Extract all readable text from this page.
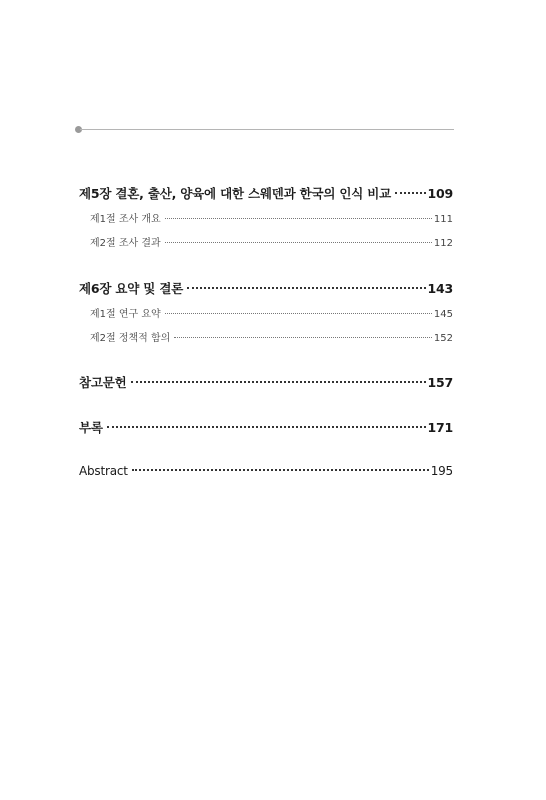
제5장 결혼, 출산, 양육에 대한 스웨덴과 한국의 인식 비교	109
제1절 조사 개요	111
제2절 조사 결과	112
제6장 요약 및 결론	143
제1절 연구 요약	145
제2절 정책적 함의	152
참고문헌	157
부록	171
Abstract	195
